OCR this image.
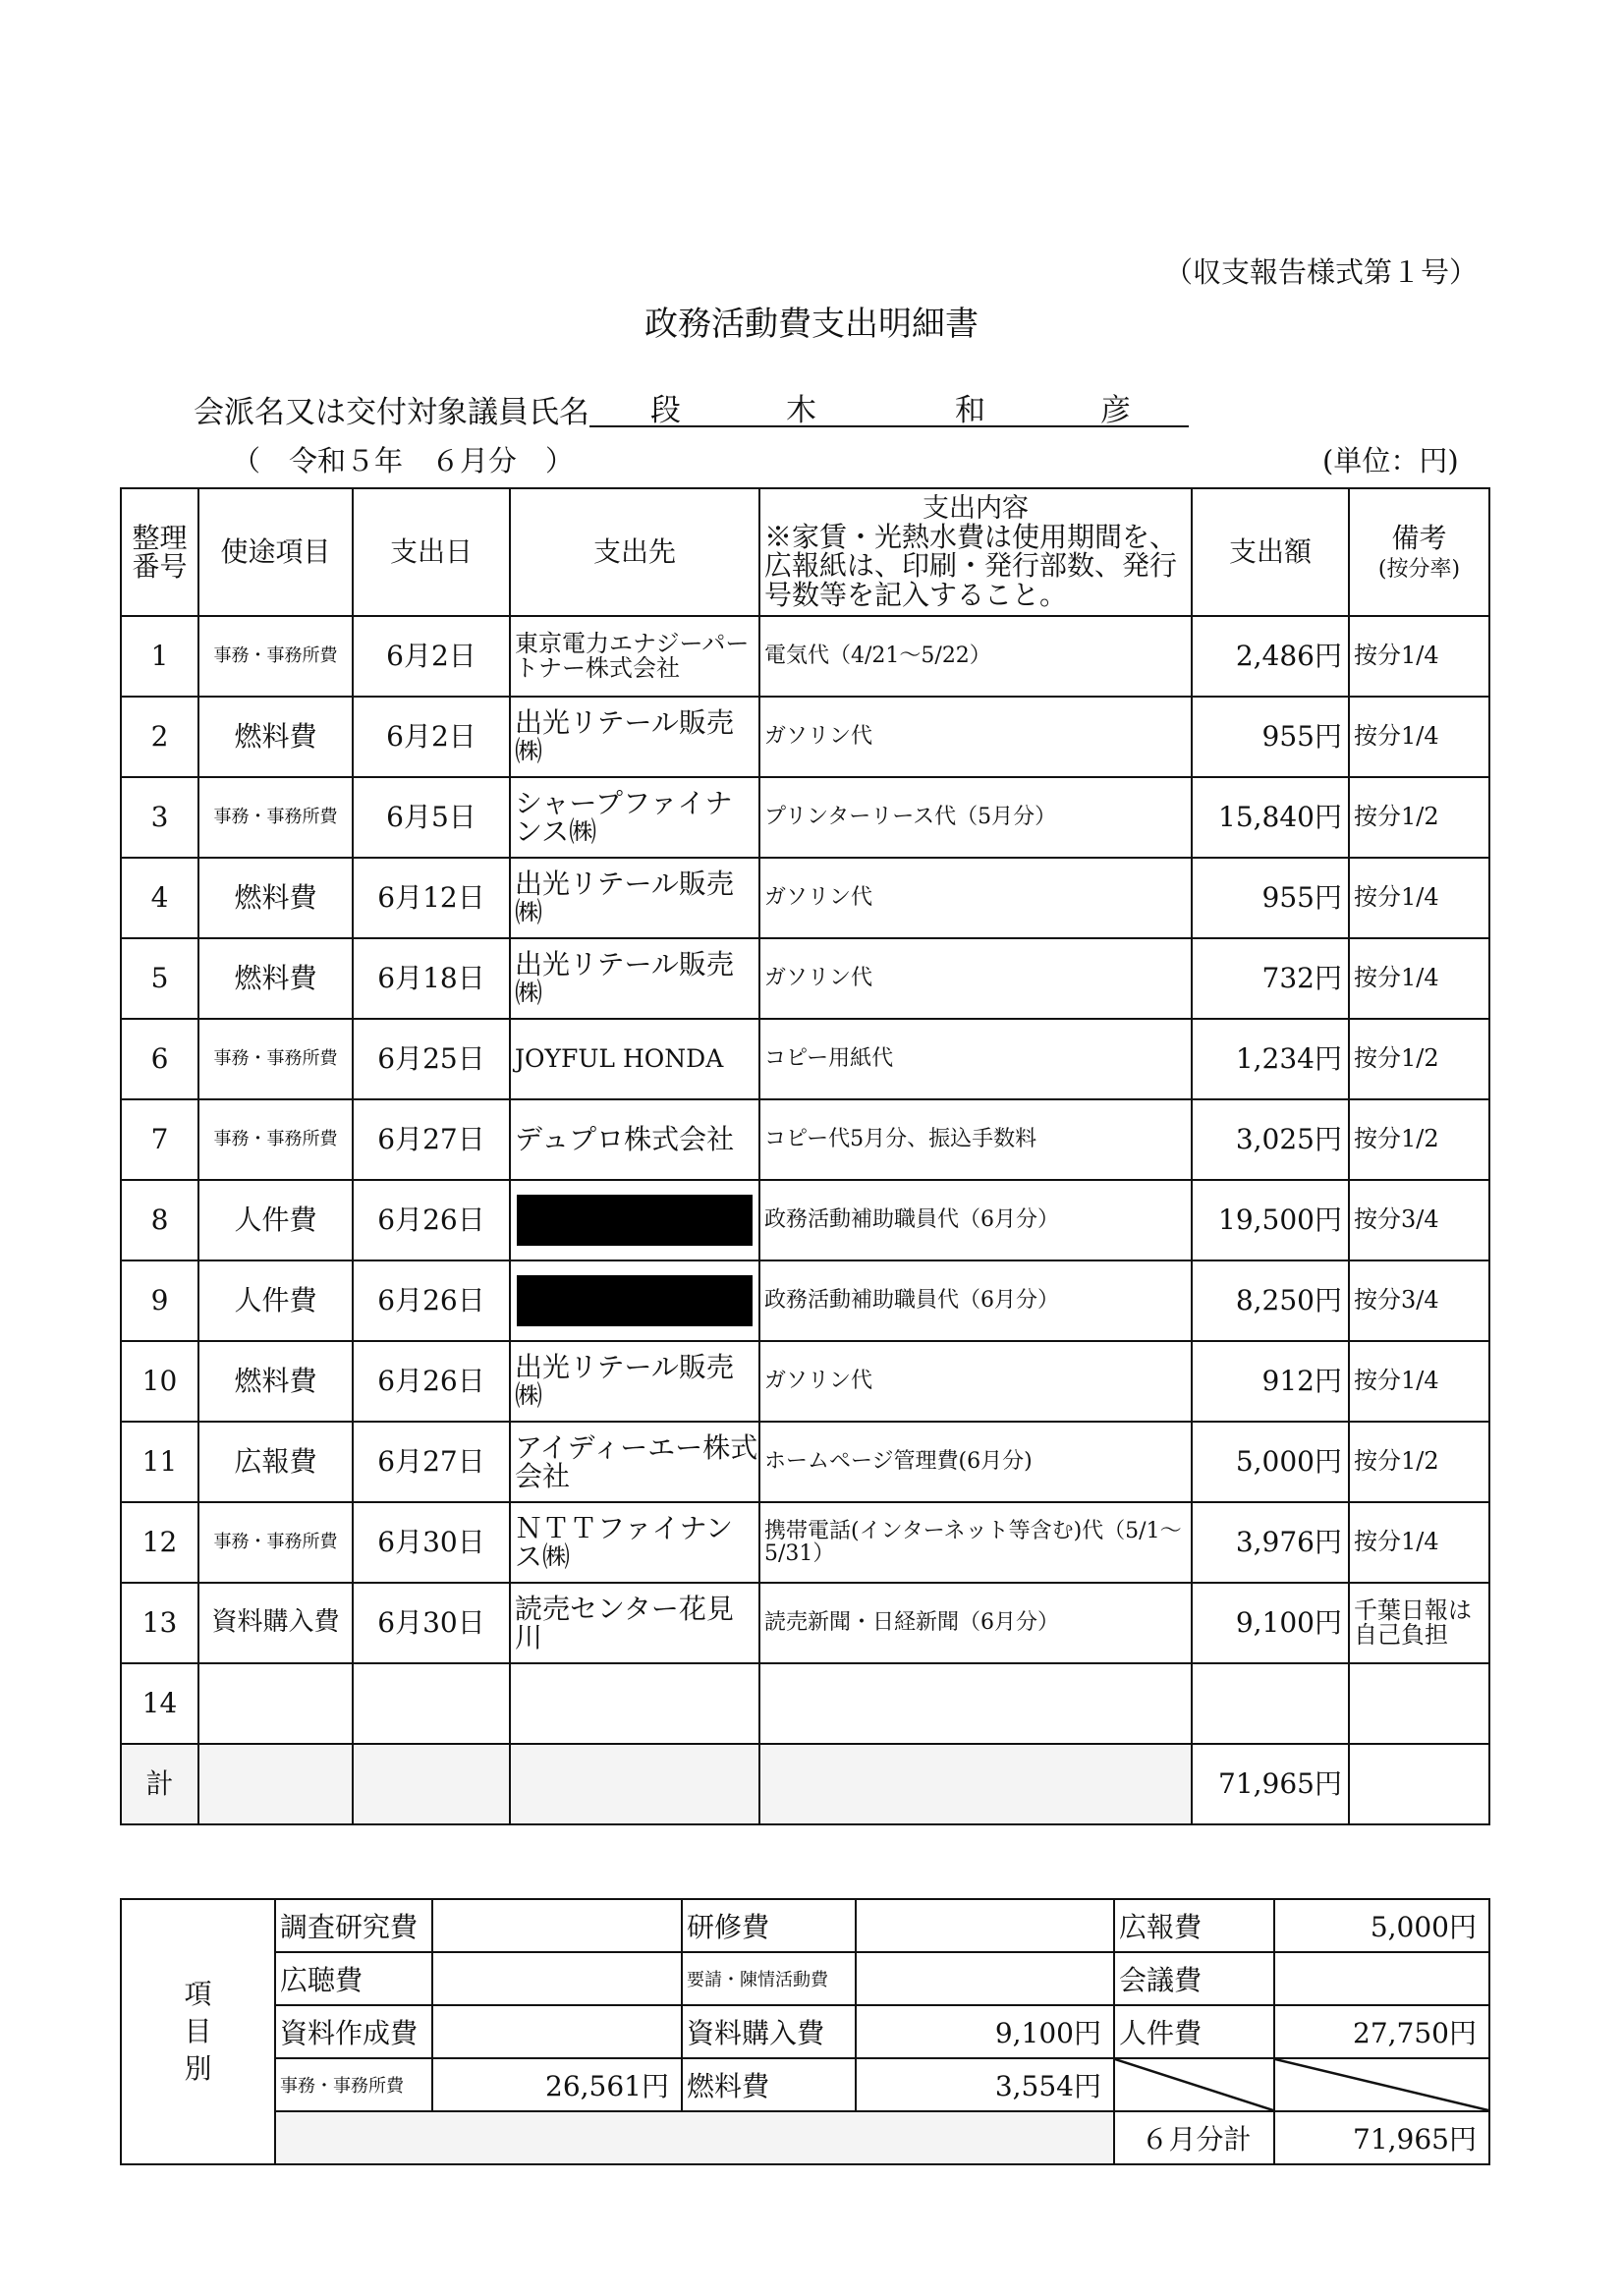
（収支報告様式第１号）
政務活動費支出明細書
会派名又は交付対象議員氏名 段	木	和	彦
（　令和５年　６月分　）	(単位：円)
整理
番号	使途項目	支出日	支出先	支出内容
※家賃・光熱水費は使用期間を、広報紙は、印刷・発行部数、発行号数等を記入すること。	支出額	備考
(按分率)
1	事務・事務所費	6月2日	東京電力エナジーパートナー株式会社	電気代（4/21～5/22）	2,486円	按分1/4
2	燃料費	6月2日	出光リテール販売㈱	ガソリン代	955円	按分1/4
3	事務・事務所費	6月5日	シャープファイナンス㈱	プリンターリース代（5月分）	15,840円	按分1/2
4	燃料費	6月12日	出光リテール販売㈱	ガソリン代	955円	按分1/4
5	燃料費	6月18日	出光リテール販売㈱	ガソリン代	732円	按分1/4
6	事務・事務所費	6月25日	JOYFUL HONDA	コピー用紙代	1,234円	按分1/2
7	事務・事務所費	6月27日	デュプロ株式会社	コピー代5月分、振込手数料	3,025円	按分1/2
8	人件費	6月26日		政務活動補助職員代（6月分）	19,500円	按分3/4
9	人件費	6月26日		政務活動補助職員代（6月分）	8,250円	按分3/4
10	燃料費	6月26日	出光リテール販売㈱	ガソリン代	912円	按分1/4
11	広報費	6月27日	アイディーエー株式会社	ホームページ管理費(6月分)	5,000円	按分1/2
12	事務・事務所費	6月30日	ＮＴＴファイナンス㈱	携帯電話(インターネット等含む)代（5/1～5/31）	3,976円	按分1/4
13	資料購入費	6月30日	読売センター花見川	読売新聞・日経新聞（6月分）	9,100円	千葉日報は自己負担
14						
計					71,965円	
項
目
別	調査研究費		研修費		広報費	5,000円
	広聴費		要請・陳情活動費		会議費	
	資料作成費		資料購入費	9,100円	人件費	27,750円
	事務・事務所費	26,561円	燃料費	3,554円		
					６月分計	71,965円
